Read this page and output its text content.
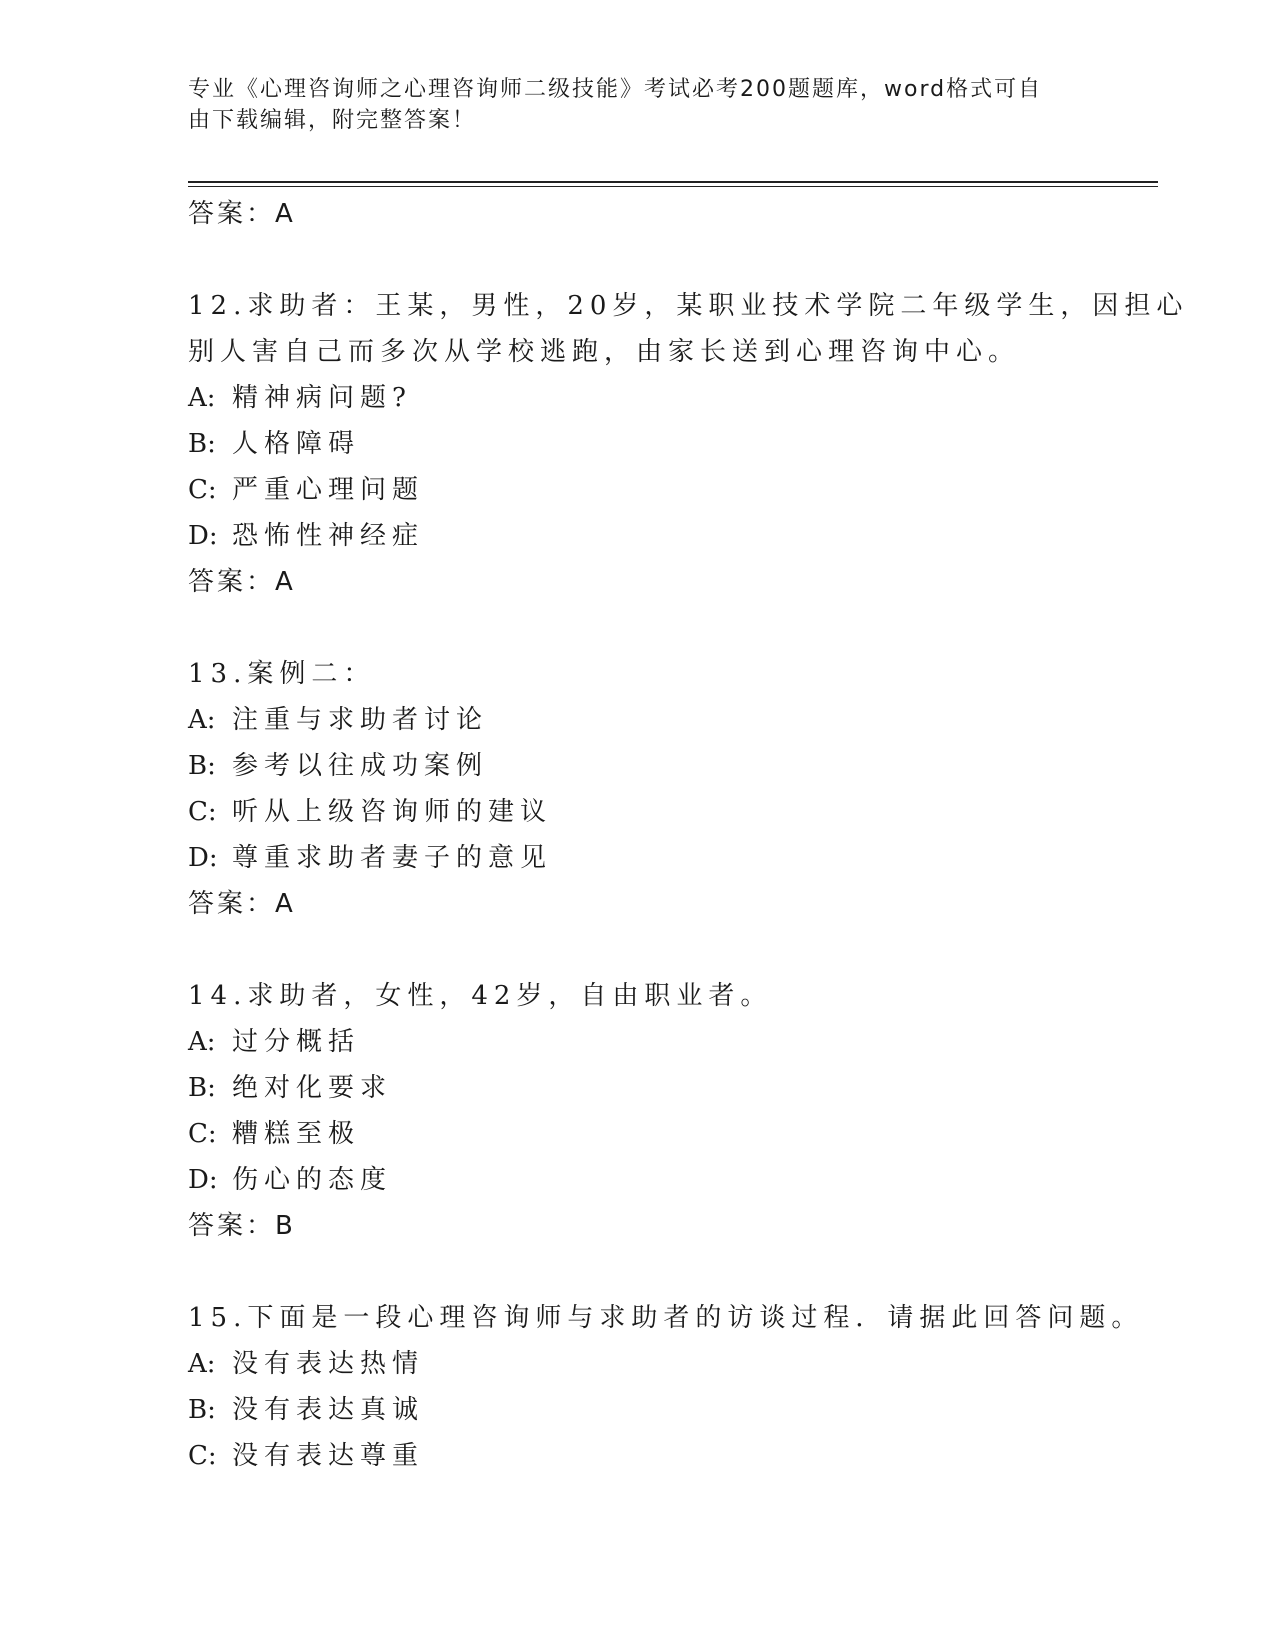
专业《心理咨询师之心理咨询师二级技能》考试必考200题题库，word格式可自
由下载编辑，附完整答案！
答案：A
12.求助者：王某，男性，20岁，某职业技术学院二年级学生，因担心
别人害自己而多次从学校逃跑，由家长送到心理咨询中心。
A: 精神病问题?
B: 人格障碍
C: 严重心理问题
D: 恐怖性神经症
答案：A
13.案例二：
A: 注重与求助者讨论
B: 参考以往成功案例
C: 听从上级咨询师的建议
D: 尊重求助者妻子的意见
答案：A
14.求助者，女性，42岁，自由职业者。
A: 过分概括
B: 绝对化要求
C: 糟糕至极
D: 伤心的态度
答案：B
15.下面是一段心理咨询师与求助者的访谈过程．请据此回答问题。
A: 没有表达热情
B: 没有表达真诚
C: 没有表达尊重
